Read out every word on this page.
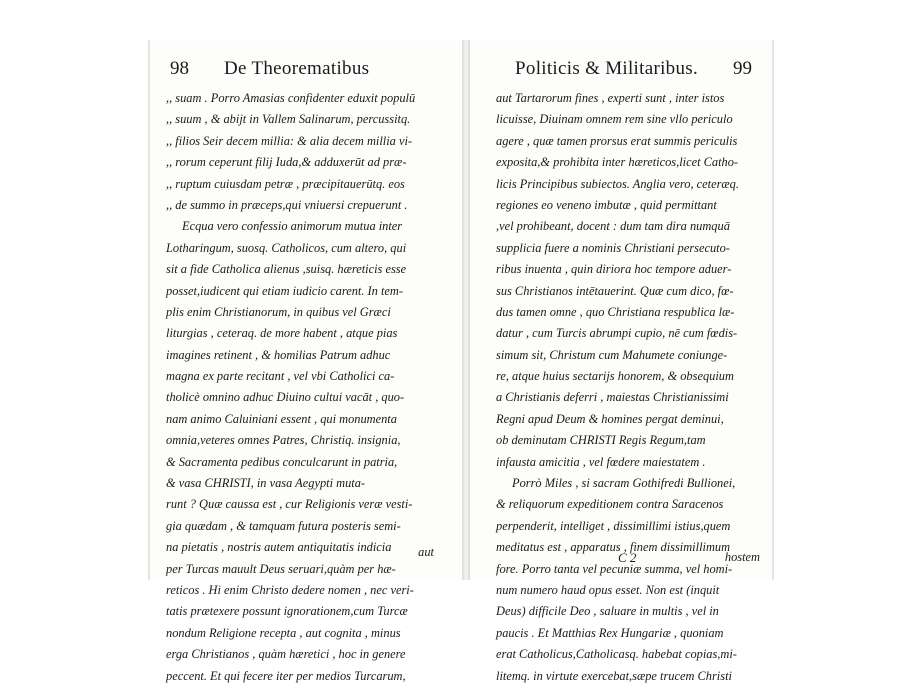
98 De Theorematibus
,, suam . Porro Amasias confidenter eduxit populū
,, suum , & abijt in Vallem Salinarum, percussitq.
,, filios Seir decem millia: & alia decem millia vi-
,, rorum ceperunt filij Iuda,& adduxerūt ad præ-
,, ruptum cuiusdam petræ , præcipitauerūtq. eos
,, de summo in præceps,qui vniuersi crepuerunt .
Ecqua vero confessio animorum mutua inter
Lotharingum, suosq. Catholicos, cum altero, qui
sit a fide Catholica alienus ,suisq. hæreticis esse
posset,iudicent qui etiam iudicio carent. In tem-
plis enim Christianorum, in quibus vel Græci
liturgias , ceteraq. de more habent , atque pias
imagines retinent , & homilias Patrum adhuc
magna ex parte recitant , vel vbi Catholici ca-
tholicè omnino adhuc Diuino cultui vacāt , quo-
nam animo Caluiniani essent , qui monumenta
omnia,veteres omnes Patres, Christiq. insignia,
& Sacramenta pedibus conculcarunt in patria,
& vasa CHRISTI, in vasa Aegypti muta-
runt ? Quæ caussa est , cur Religionis veræ vesti-
gia quædam , & tamquam futura posteris semi-
na pietatis , nostris autem antiquitatis indicia
per Turcas mauult Deus seruari,quàm per hæ-
reticos . Hi enim Christo dedere nomen , nec veri-
tatis prætexere possunt ignorationem,cum Turcæ
nondum Religione recepta , aut cognita , minus
erga Christianos , quàm hæretici , hoc in genere
peccent. Et qui fecere iter per medios Turcarum,
aut
Politicis & Militaribus. 99
aut Tartarorum fines , experti sunt , inter istos
licuisse, Diuinam omnem rem sine vllo periculo
agere , quæ tamen prorsus erat summis periculis
exposita,& prohibita inter hæreticos,licet Catho-
licis Principibus subiectos. Anglia vero, ceteræq.
regiones eo veneno imbutæ , quid permittant
,vel prohibeant, docent : dum tam dira numquā
supplicia fuere a nominis Christiani persecuto-
ribus inuenta , quin diriora hoc tempore aduer-
sus Christianos intētauerint. Quæ cum dico, fœ-
dus tamen omne , quo Christiana respublica læ-
datur , cum Turcis abrumpi cupio, nē cum fœdis-
simum sit, Christum cum Mahumete coniunge-
re, atque huius sectarijs honorem, & obsequium
a Christianis deferri , maiestas Christianissimi
Regni apud Deum & homines pergat deminui,
ob deminutam CHRISTI Regis Regum,tam
infausta amicitia , vel fœdere maiestatem .
Porrò Miles , si sacram Gothifredi Bullionei,
& reliquorum expeditionem contra Saracenos
perpenderit, intelliget , dissimillimi istius,quem
meditatus est , apparatus , finem dissimillimum
fore. Porro tanta vel pecuniæ summa, vel homi-
num numero haud opus esset. Non est (inquit
Deus) difficile Deo , saluare in multis , vel in
paucis . Et Matthias Rex Hungariæ , quoniam
erat Catholicus,Catholicasq. habebat copias,mi-
litemq. in virtute exercebat,sæpe trucem Christi
C 2	hostem
